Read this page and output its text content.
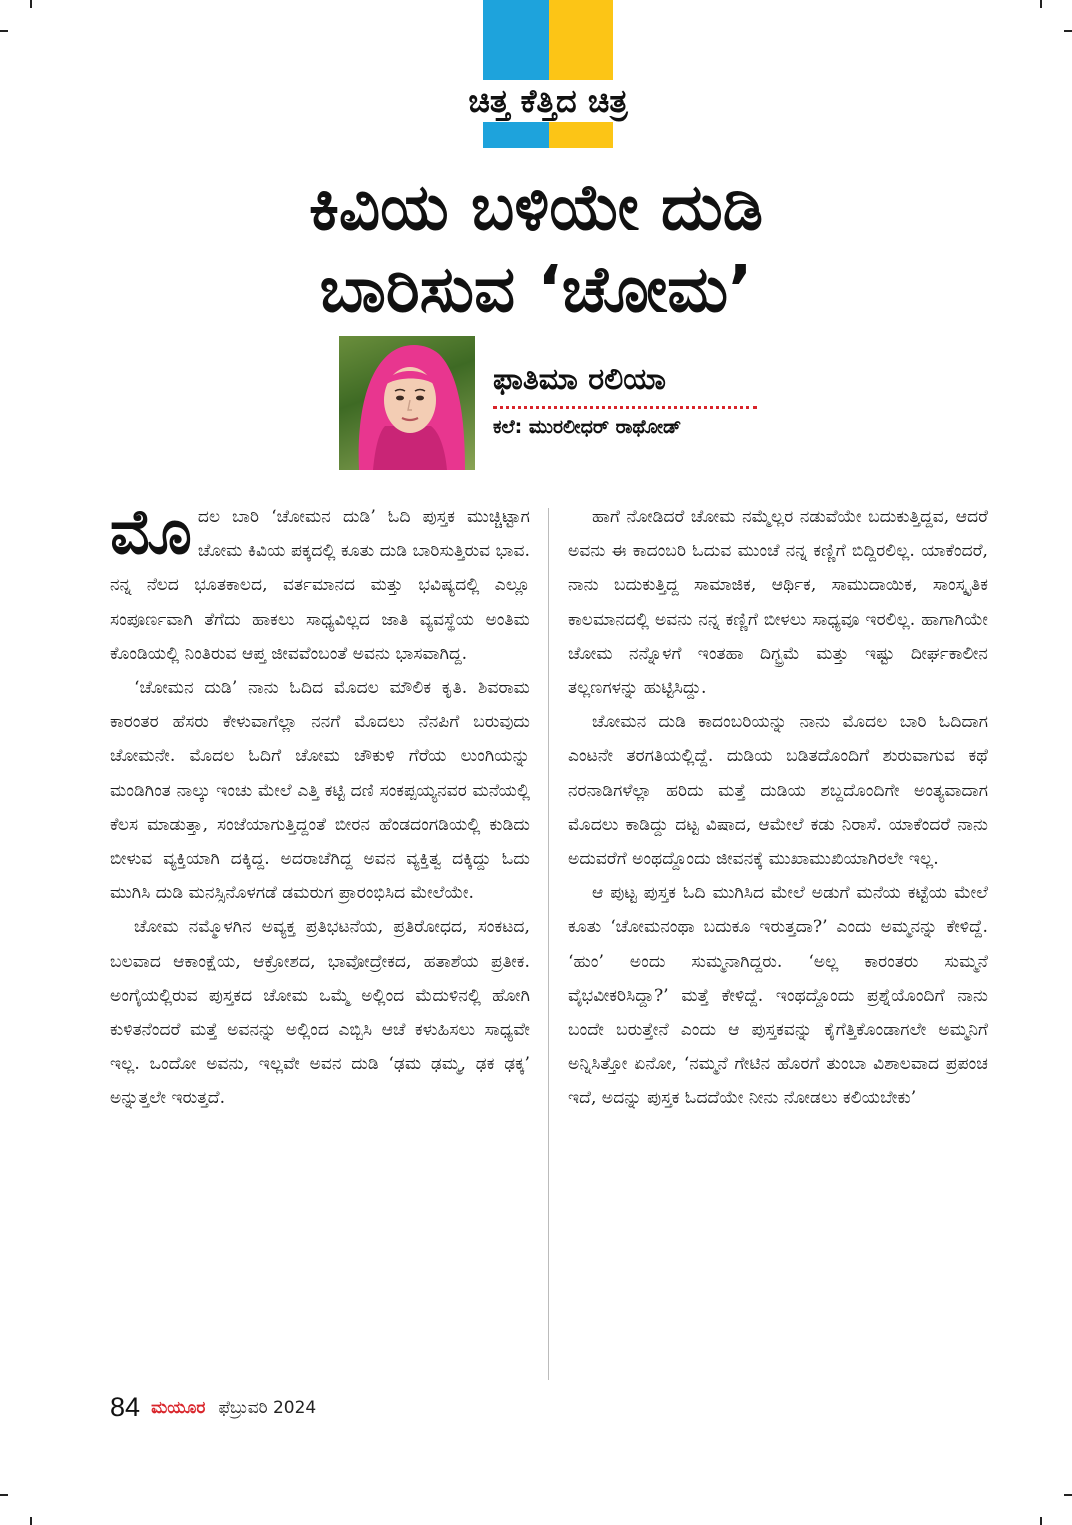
ಚಿತ್ತ ಕೆತ್ತಿದ ಚಿತ್ರ
ಕಿವಿಯ ಬಳಿಯೇ ದುಡಿ
ಬಾರಿಸುವ ‘ಚೋಮ’
ಫಾತಿಮಾ ರಲಿಯಾ
ಕಲೆ: ಮುರಲೀಧರ್ ರಾಥೋಡ್

ಮೊದಲ ಬಾರಿ ‘ಚೋಮನ ದುಡಿ’ ಓದಿ ಪುಸ್ತಕ ಮುಚ್ಚಿಟ್ಟಾಗ ಚೋಮ ಕಿವಿಯ ಪಕ್ಕದಲ್ಲಿ ಕೂತು ದುಡಿ ಬಾರಿಸುತ್ತಿರುವ ಭಾವ. ನನ್ನ ನೆಲದ ಭೂತಕಾಲದ, ವರ್ತಮಾನದ ಮತ್ತು ಭವಿಷ್ಯದಲ್ಲಿ ಎಲ್ಲೂ ಸಂಪೂರ್ಣವಾಗಿ ತೆಗೆದು ಹಾಕಲು ಸಾಧ್ಯವಿಲ್ಲದ ಜಾತಿ ವ್ಯವಸ್ಥೆಯ ಅಂತಿಮ ಕೊಂಡಿಯಲ್ಲಿ ನಿಂತಿರುವ ಆಪ್ತ ಜೀವವೆಂಬಂತೆ ಅವನು ಭಾಸವಾಗಿದ್ದ.

‘ಚೋಮನ ದುಡಿ’ ನಾನು ಓದಿದ ಮೊದಲ ಮೌಲಿಕ ಕೃತಿ. ಶಿವರಾಮ ಕಾರಂತರ ಹೆಸರು ಕೇಳುವಾಗೆಲ್ಲಾ ನನಗೆ ಮೊದಲು ನೆನಪಿಗೆ ಬರುವುದು ಚೋಮನೇ. ಮೊದಲ ಓದಿಗೆ ಚೋಮ ಚೌಕುಳಿ ಗೆರೆಯ ಲುಂಗಿಯನ್ನು ಮಂಡಿಗಿಂತ ನಾಲ್ಕು ಇಂಚು ಮೇಲೆ ಎತ್ತಿ ಕಟ್ಟಿ ದಣಿ ಸಂಕಪ್ಪಯ್ಯನವರ ಮನೆಯಲ್ಲಿ ಕೆಲಸ ಮಾಡುತ್ತಾ, ಸಂಜೆಯಾಗುತ್ತಿದ್ದಂತೆ ಬೀರನ ಹೆಂಡದಂಗಡಿಯಲ್ಲಿ ಕುಡಿದು ಬೀಳುವ ವ್ಯಕ್ತಿಯಾಗಿ ದಕ್ಕಿದ್ದ. ಅದರಾಚೆಗಿದ್ದ ಅವನ ವ್ಯಕ್ತಿತ್ವ ದಕ್ಕಿದ್ದು ಓದು ಮುಗಿಸಿ ದುಡಿ ಮನಸ್ಸಿನೊಳಗಡೆ ಡಮರುಗ ಪ್ರಾರಂಭಿಸಿದ ಮೇಲೆಯೇ.

ಚೋಮ ನಮ್ಮೊಳಗಿನ ಅವ್ಯಕ್ತ ಪ್ರತಿಭಟನೆಯ, ಪ್ರತಿರೋಧದ, ಸಂಕಟದ, ಬಲವಾದ ಆಕಾಂಕ್ಷೆಯ, ಆಕ್ರೋಶದ, ಭಾವೋದ್ರೇಕದ, ಹತಾಶೆಯ ಪ್ರತೀಕ. ಅಂಗೈಯಲ್ಲಿರುವ ಪುಸ್ತಕದ ಚೋಮ ಒಮ್ಮೆ ಅಲ್ಲಿಂದ ಮೆದುಳಿನಲ್ಲಿ ಹೋಗಿ ಕುಳಿತನೆಂದರೆ ಮತ್ತೆ ಅವನನ್ನು ಅಲ್ಲಿಂದ ಎಬ್ಬಿಸಿ ಆಚೆ ಕಳುಹಿಸಲು ಸಾಧ್ಯವೇ ಇಲ್ಲ. ಒಂದೋ ಅವನು, ಇಲ್ಲವೇ ಅವನ ದುಡಿ ‘ಢಮ ಢಮ್ಮ, ಢಕ ಢಕ್ಕ’ ಅನ್ನುತ್ತಲೇ ಇರುತ್ತದೆ.

ಹಾಗೆ ನೋಡಿದರೆ ಚೋಮ ನಮ್ಮೆಲ್ಲರ ನಡುವೆಯೇ ಬದುಕುತ್ತಿದ್ದವ, ಆದರೆ ಅವನು ಈ ಕಾದಂಬರಿ ಓದುವ ಮುಂಚೆ ನನ್ನ ಕಣ್ಣಿಗೆ ಬಿದ್ದಿರಲಿಲ್ಲ. ಯಾಕೆಂದರೆ, ನಾನು ಬದುಕುತ್ತಿದ್ದ ಸಾಮಾಜಿಕ, ಆರ್ಥಿಕ, ಸಾಮುದಾಯಿಕ, ಸಾಂಸ್ಕೃತಿಕ ಕಾಲಮಾನದಲ್ಲಿ ಅವನು ನನ್ನ ಕಣ್ಣಿಗೆ ಬೀಳಲು ಸಾಧ್ಯವೂ ಇರಲಿಲ್ಲ. ಹಾಗಾಗಿಯೇ ಚೋಮ ನನ್ನೊಳಗೆ ಇಂತಹಾ ದಿಗ್ಭ್ರಮೆ ಮತ್ತು ಇಷ್ಟು ದೀರ್ಘಕಾಲೀನ ತಲ್ಲಣಗಳನ್ನು ಹುಟ್ಟಿಸಿದ್ದು.

ಚೋಮನ ದುಡಿ ಕಾದಂಬರಿಯನ್ನು ನಾನು ಮೊದಲ ಬಾರಿ ಓದಿದಾಗ ಎಂಟನೇ ತರಗತಿಯಲ್ಲಿದ್ದೆ. ದುಡಿಯ ಬಡಿತದೊಂದಿಗೆ ಶುರುವಾಗುವ ಕಥೆ ನರನಾಡಿಗಳೆಲ್ಲಾ ಹರಿದು ಮತ್ತೆ ದುಡಿಯ ಶಬ್ದದೊಂದಿಗೇ ಅಂತ್ಯವಾದಾಗ ಮೊದಲು ಕಾಡಿದ್ದು ದಟ್ಟ ವಿಷಾದ, ಆಮೇಲೆ ಕಡು ನಿರಾಸೆ. ಯಾಕೆಂದರೆ ನಾನು ಅದುವರೆಗೆ ಅಂಥದ್ದೊಂದು ಜೀವನಕ್ಕೆ ಮುಖಾಮುಖಿಯಾಗಿರಲೇ ಇಲ್ಲ.

ಆ ಪುಟ್ಟ ಪುಸ್ತಕ ಓದಿ ಮುಗಿಸಿದ ಮೇಲೆ ಅಡುಗೆ ಮನೆಯ ಕಟ್ಟೆಯ ಮೇಲೆ ಕೂತು ‘ಚೋಮನಂಥಾ ಬದುಕೂ ಇರುತ್ತದಾ?’ ಎಂದು ಅಮ್ಮನನ್ನು ಕೇಳಿದ್ದೆ. ‘ಹುಂ’ ಅಂದು ಸುಮ್ಮನಾಗಿದ್ದರು. ‘ಅಲ್ಲ ಕಾರಂತರು ಸುಮ್ಮನೆ ವೈಭವೀಕರಿಸಿದ್ದಾ?’ ಮತ್ತೆ ಕೇಳಿದ್ದೆ. ಇಂಥದ್ದೊಂದು ಪ್ರಶ್ನೆಯೊಂದಿಗೆ ನಾನು ಬಂದೇ ಬರುತ್ತೇನೆ ಎಂದು ಆ ಪುಸ್ತಕವನ್ನು ಕೈಗೆತ್ತಿಕೊಂಡಾಗಲೇ ಅಮ್ಮನಿಗೆ ಅನ್ನಿಸಿತ್ತೋ ಏನೋ, ‘ನಮ್ಮನೆ ಗೇಟಿನ ಹೊರಗೆ ತುಂಬಾ ವಿಶಾಲವಾದ ಪ್ರಪಂಚ ಇದೆ, ಅದನ್ನು ಪುಸ್ತಕ ಓದದೆಯೇ ನೀನು ನೋಡಲು ಕಲಿಯಬೇಕು’

84 ಮಯೂರ ಫೆಬ್ರುವರಿ 2024
